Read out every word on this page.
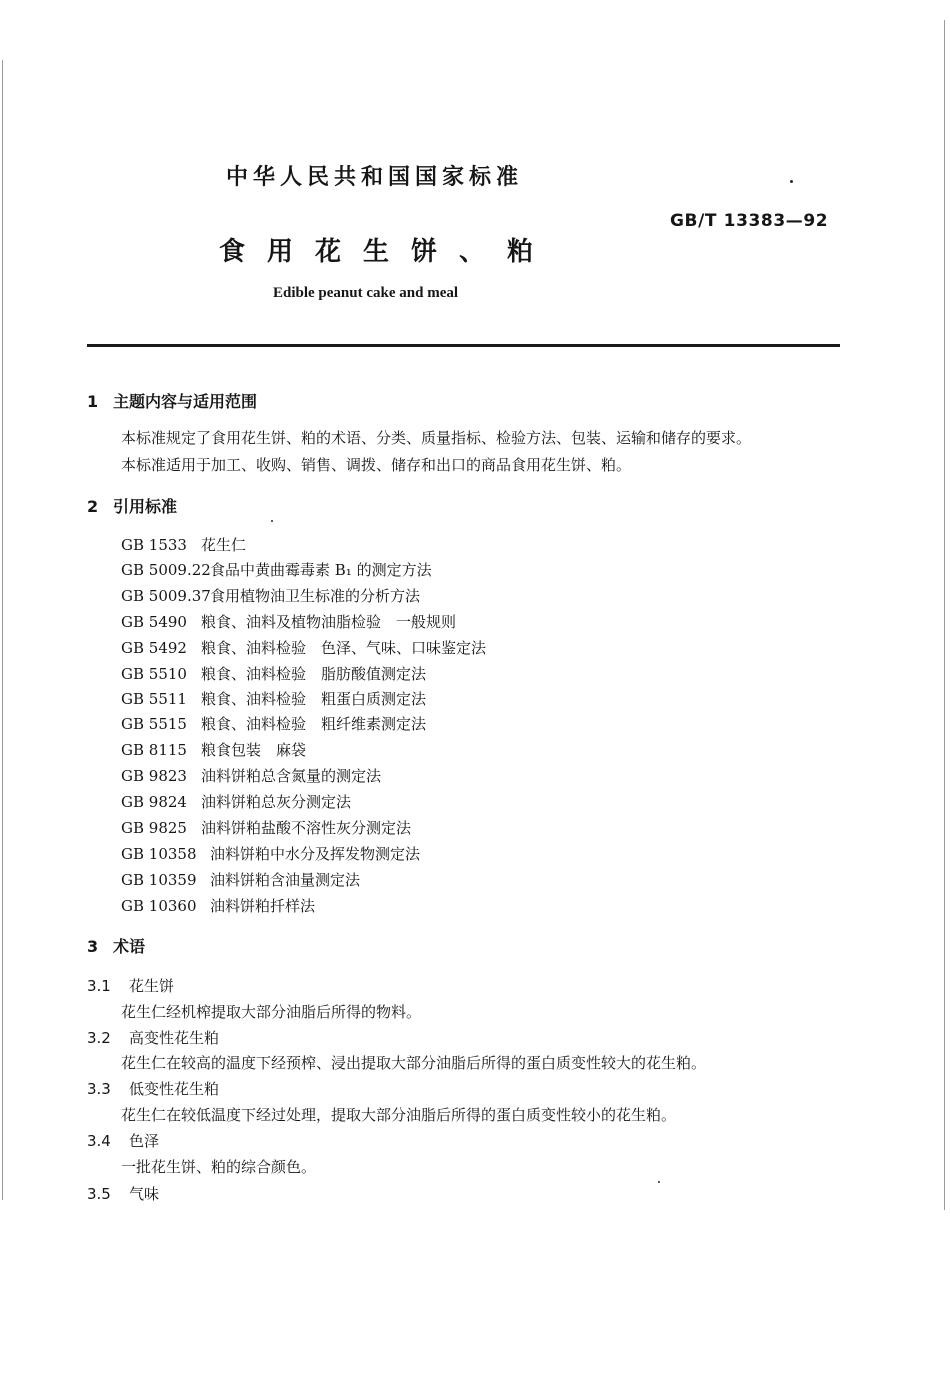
中华人民共和国国家标准
GB/T 13383—92
食用花生饼、粕
Edible peanut cake and meal
1 主题内容与适用范围
本标准规定了食用花生饼、粕的术语、分类、质量指标、检验方法、包装、运输和储存的要求。
本标准适用于加工、收购、销售、调拨、储存和出口的商品食用花生饼、粕。
2 引用标准
GB 1533 花生仁
GB 5009.22食品中黄曲霉毒素 B₁ 的测定方法
GB 5009.37食用植物油卫生标准的分析方法
GB 5490 粮食、油料及植物油脂检验　一般规则
GB 5492 粮食、油料检验　色泽、气味、口味鉴定法
GB 5510 粮食、油料检验　脂肪酸值测定法
GB 5511 粮食、油料检验　粗蛋白质测定法
GB 5515 粮食、油料检验　粗纤维素测定法
GB 8115 粮食包装　麻袋
GB 9823 油料饼粕总含氮量的测定法
GB 9824 油料饼粕总灰分测定法
GB 9825 油料饼粕盐酸不溶性灰分测定法
GB 10358 油料饼粕中水分及挥发物测定法
GB 10359 油料饼粕含油量测定法
GB 10360 油料饼粕扦样法
3 术语
3.1 花生饼
花生仁经机榨提取大部分油脂后所得的物料。
3.2 高变性花生粕
花生仁在较高的温度下经预榨、浸出提取大部分油脂后所得的蛋白质变性较大的花生粕。
3.3 低变性花生粕
花生仁在较低温度下经过处理，提取大部分油脂后所得的蛋白质变性较小的花生粕。
3.4 色泽
一批花生饼、粕的综合颜色。
3.5 气味
